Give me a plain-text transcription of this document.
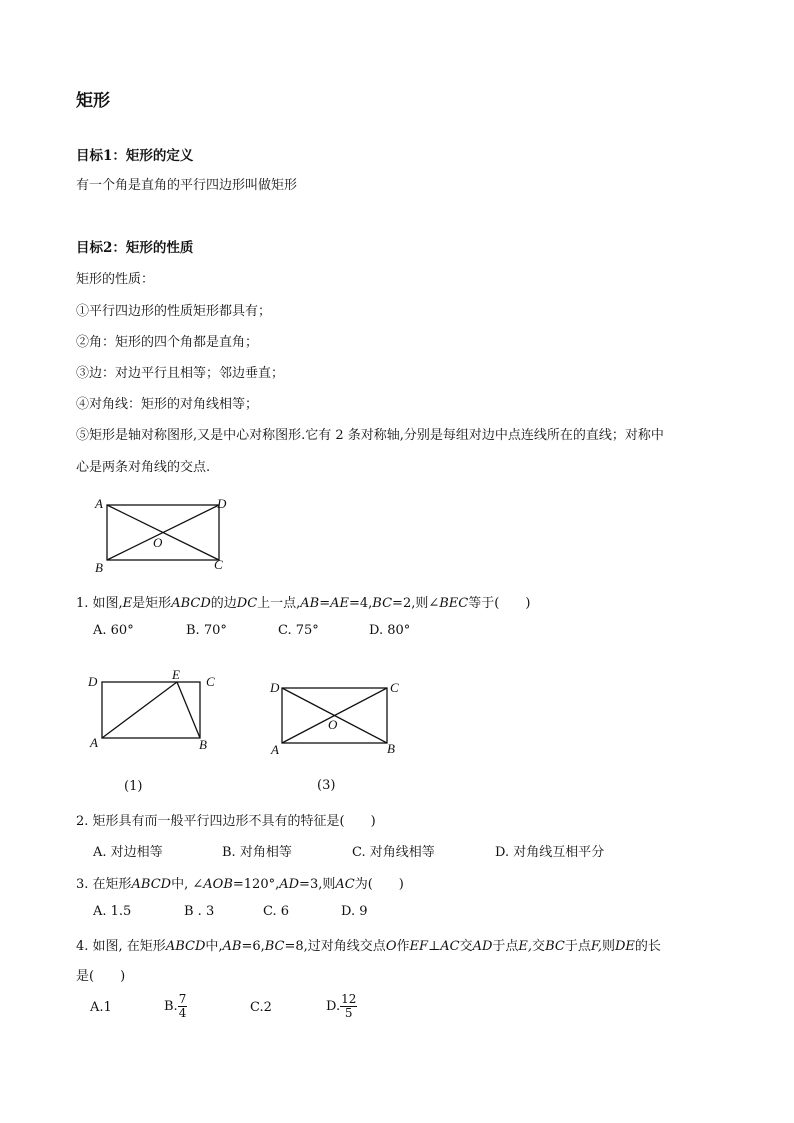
矩形
目标1：矩形的定义
有一个角是直角的平行四边形叫做矩形
目标2：矩形的性质
矩形的性质：
①平行四边形的性质矩形都具有；
②角：矩形的四个角都是直角；
③边：对边平行且相等；邻边垂直；
④对角线：矩形的对角线相等；
⑤矩形是轴对称图形,又是中心对称图形.它有 2 条对称轴,分别是每组对边中点连线所在的直线；对称中
心是两条对角线的交点.
A	D
O
B	C
1. 如图,E是矩形ABCD的边DC上一点,AB=AE=4,BC=2,则∠BEC等于(　　)
A. 60°	B. 70°	C. 75°	D. 80°
D	E C
A	B
(1)
D	C
O
A	B
(3)
2. 矩形具有而一般平行四边形不具有的特征是(　　)
A. 对边相等	B. 对角相等	C. 对角线相等	D. 对角线互相平分
3. 在矩形ABCD中, ∠AOB=120°,AD=3,则AC为(　　)
A. 1.5	B . 3	C. 6	D. 9
4. 如图, 在矩形ABCD中,AB=6,BC=8,过对角线交点O作EF⊥AC交AD于点E,交BC于点F,则DE的长
是(　　)
A.1	B. $\frac{7}{4}$	C.2	D. $\frac{12}{5}$
